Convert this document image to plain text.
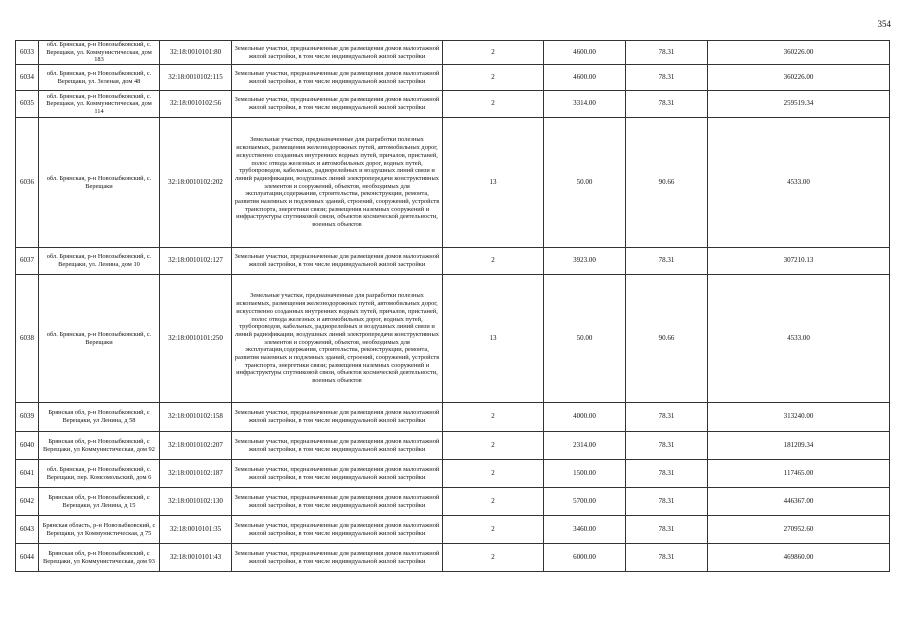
354
6033	обл. Брянская, р-н Новозыбковский, с. Верещаки, ул. Коммунистическая, дом 183	32:18:0010101:80	Земельные участки, предназначенные для размещения домов малоэтажной жилой застройки, в том числе индивидуальной жилой застройки	2	4600.00	78.31	360226.00
6034	обл. Брянская, р-н Новозыбковский, с. Верещаки, ул. Зеленая, дом 48	32:18:0010102:115	Земельные участки, предназначенные для размещения домов малоэтажной жилой застройки, в том числе индивидуальной жилой застройки	2	4600.00	78.31	360226.00
6035	обл. Брянская, р-н Новозыбковский, с. Верещаки, ул. Коммунистическая, дом 114	32:18:0010102:56	Земельные участки, предназначенные для размещения домов малоэтажной жилой застройки, в том числе индивидуальной жилой застройки	2	3314.00	78.31	259519.34
6036	обл. Брянская, р-н Новозыбковский, с. Верещаки	32:18:0010102:202	Земельные участки, предназначенные для разработки полезных ископаемых, размещения железнодорожных путей, автомобильных дорог, искусственно созданных внутренних водных путей, причалов, пристаней, полос отвода железных и автомобильных дорог, водных путей, трубопроводов, кабельных, радиорелейных и воздушных линий связи и линий радиофикации, воздушных линий электропередачи конструктивных элементов и сооружений, объектов, необходимых для эксплуатации,содержания, строительства, реконструкции, ремонта, развития наземных и подземных зданий, строений, сооружений, устройств транспорта, энергетики связи; размещения наземных сооружений и инфраструктуры спутниковой связи, объектов космической деятельности, военных объектов	13	50.00	90.66	4533.00
6037	обл. Брянская, р-н Новозыбковский, с. Верещаки, ул. Ленина, дом 10	32:18:0010102:127	Земельные участки, предназначенные для размещения домов малоэтажной жилой застройки, в том числе индивидуальной жилой застройки	2	3923.00	78.31	307210.13
6038	обл. Брянская, р-н Новозыбковский, с. Верещаки	32:18:0010101:250	Земельные участки, предназначенные для разработки полезных ископаемых, размещения железнодорожных путей, автомобильных дорог, искусственно созданных внутренних водных путей, причалов, пристаней, полос отвода железных и автомобильных дорог, водных путей, трубопроводов, кабельных, радиорелейных и воздушных линий связи и линий радиофикации, воздушных линий электропередачи конструктивных элементов и сооружений, объектов, необходимых для эксплуатации,содержания, строительства, реконструкции, ремонта, развития наземных и подземных зданий, строений, сооружений, устройств транспорта, энергетики связи; размещения наземных сооружений и инфраструктуры спутниковой связи, объектов космической деятельности, военных объектов	13	50.00	90.66	4533.00
6039	Брянская обл, р-н Новозыбковский, с Верещаки, ул Ленина, д 58	32:18:0010102:158	Земельные участки, предназначенные для размещения домов малоэтажной жилой застройки, в том числе индивидуальной жилой застройки	2	4000.00	78.31	313240.00
6040	Брянская обл, р-н Новозыбковский, с Верещаки, ул Коммунистическая, дом 92	32:18:0010102:207	Земельные участки, предназначенные для размещения домов малоэтажной жилой застройки, в том числе индивидуальной жилой застройки	2	2314.00	78.31	181209.34
6041	обл. Брянская, р-н Новозыбковский, с. Верещаки, пер. Комсомольский, дом 6	32:18:0010102:187	Земельные участки, предназначенные для размещения домов малоэтажной жилой застройки, в том числе индивидуальной жилой застройки	2	1500.00	78.31	117465.00
6042	Брянская обл, р-н Новозыбковский, с Верещаки, ул Ленина, д 15	32:18:0010102:130	Земельные участки, предназначенные для размещения домов малоэтажной жилой застройки, в том числе индивидуальной жилой застройки	2	5700.00	78.31	446367.00
6043	Брянская область, р-н Новозыбковский, с Верещаки, ул Коммунистическая, д 75	32:18:0010101:35	Земельные участки, предназначенные для размещения домов малоэтажной жилой застройки, в том числе индивидуальной жилой застройки	2	3460.00	78.31	270952.60
6044	Брянская обл, р-н Новозыбковский, с Верещаки, ул Коммунистическая, дом 93	32:18:0010101:43	Земельные участки, предназначенные для размещения домов малоэтажной жилой застройки, в том числе индивидуальной жилой застройки	2	6000.00	78.31	469860.00
